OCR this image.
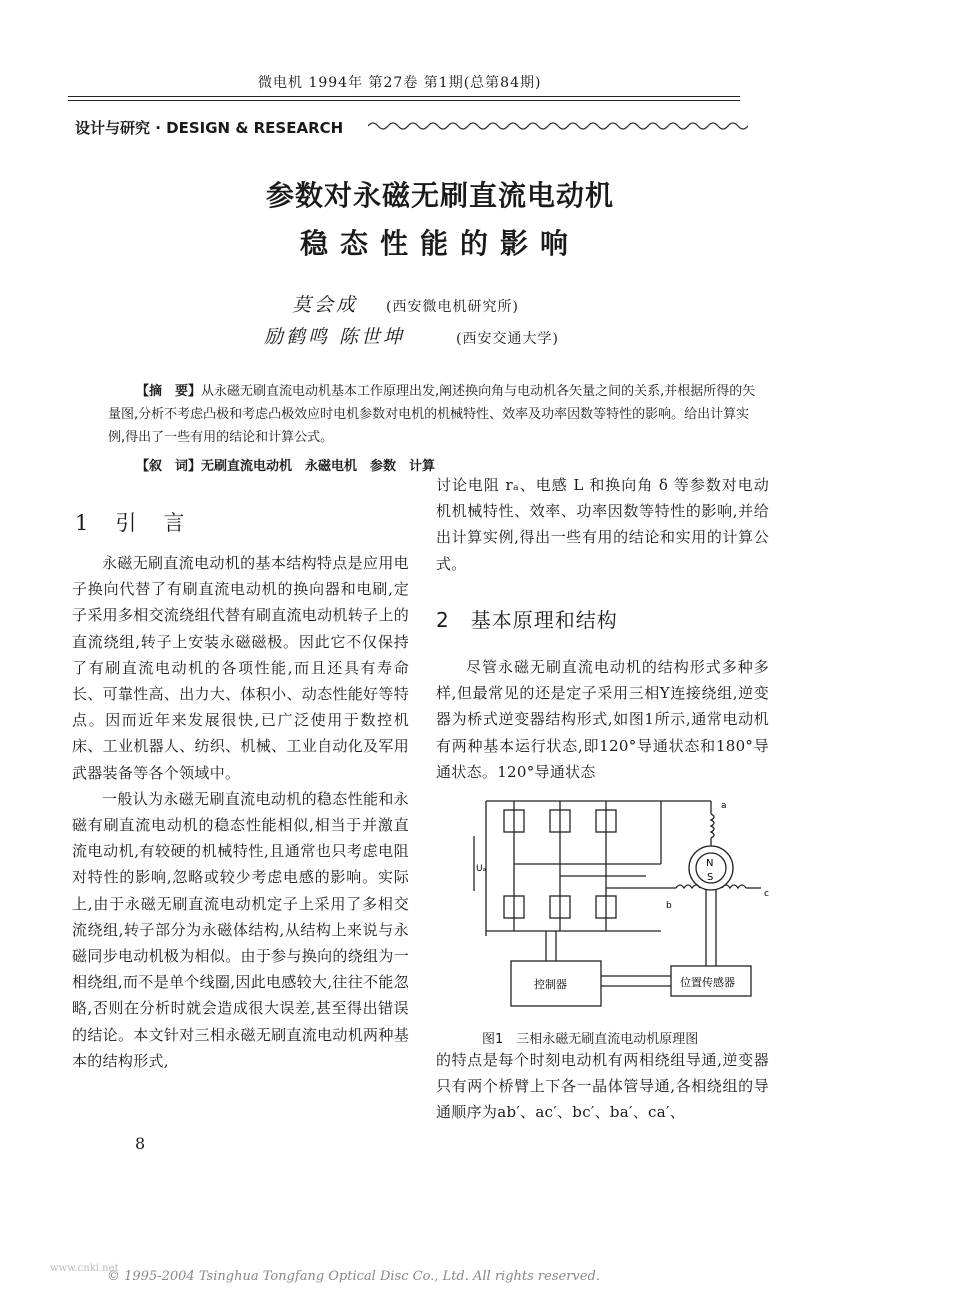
微电机 1994年 第27卷 第1期(总第84期)
设计与研究 · DESIGN & RESEARCH
参数对永磁无刷直流电动机
稳态性能的影响
莫会成 (西安微电机研究所)
励鹤鸣 陈世坤	(西安交通大学)
【摘　要】从永磁无刷直流电动机基本工作原理出发,阐述换向角与电动机各矢量之间的关系,并根据所得的矢量图,分析不考虑凸极和考虑凸极效应时电机参数对电机的机械特性、效率及功率因数等特性的影响。给出计算实例,得出了一些有用的结论和计算公式。
【叙　词】无刷直流电动机　永磁电机　参数　计算
1　引　言

永磁无刷直流电动机的基本结构特点是应用电子换向代替了有刷直流电动机的换向器和电刷,定子采用多相交流绕组代替有刷直流电动机转子上的直流绕组,转子上安装永磁磁极。因此它不仅保持了有刷直流电动机的各项性能,而且还具有寿命长、可靠性高、出力大、体积小、动态性能好等特点。因而近年来发展很快,已广泛使用于数控机床、工业机器人、纺织、机械、工业自动化及军用武器装备等各个领域中。

一般认为永磁无刷直流电动机的稳态性能和永磁有刷直流电动机的稳态性能相似,相当于并激直流电动机,有较硬的机械特性,且通常也只考虑电阻对特性的影响,忽略或较少考虑电感的影响。实际上,由于永磁无刷直流电动机定子上采用了多相交流绕组,转子部分为永磁体结构,从结构上来说与永磁同步电动机极为相似。由于参与换向的绕组为一相绕组,而不是单个线圈,因此电感较大,往往不能忽略,否则在分析时就会造成很大误差,甚至得出错误的结论。本文针对三相永磁无刷直流电动机两种基本的结构形式,

讨论电阻 rₐ、电感 L 和换向角 δ 等参数对电动机机械特性、效率、功率因数等特性的影响,并给出计算实例,得出一些有用的结论和实用的计算公式。

2　基本原理和结构

尽管永磁无刷直流电动机的结构形式多种多样,但最常见的还是定子采用三相Y连接绕组,逆变器为桥式逆变器结构形式,如图1所示,通常电动机有两种基本运行状态,即120°导通状态和180°导通状态。120°导通状态

Uₐ	N
S
a
b
c
控制器	位置传感器
图1　三相永磁无刷直流电动机原理图

的特点是每个时刻电动机有两相绕组导通,逆变器只有两个桥臂上下各一晶体管导通,各相绕组的导通顺序为ab′、ac′、bc′、ba′、ca′、

8
www.cnki.net
© 1995-2004 Tsinghua Tongfang Optical Disc Co., Ltd. All rights reserved.
